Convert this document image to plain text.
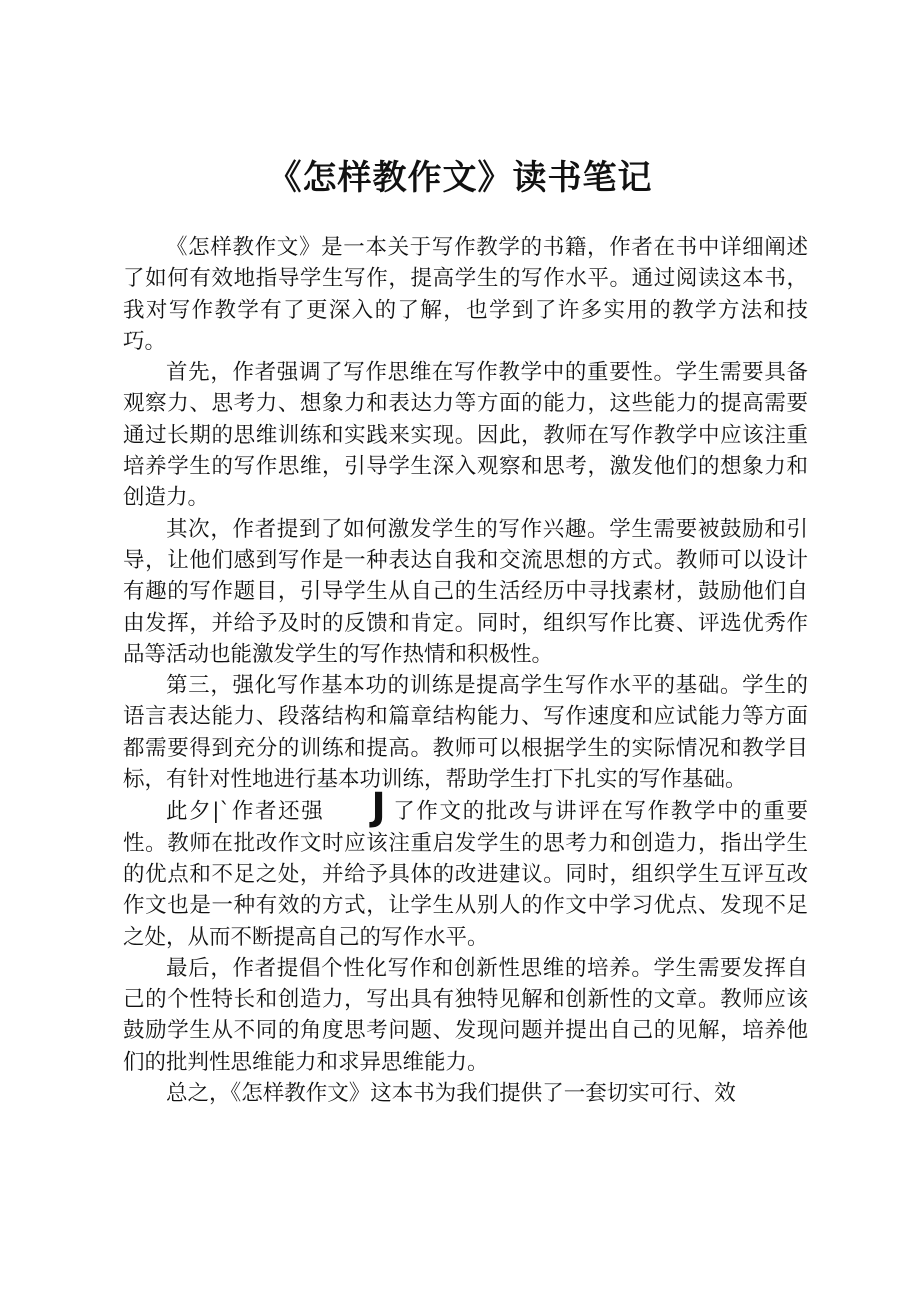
《怎样教作文》读书笔记

《怎样教作文》是一本关于写作教学的书籍，作者在书中详细阐述了如何有效地指导学生写作，提高学生的写作水平。通过阅读这本书，我对写作教学有了更深入的了解，也学到了许多实用的教学方法和技巧。

首先，作者强调了写作思维在写作教学中的重要性。学生需要具备观察力、思考力、想象力和表达力等方面的能力，这些能力的提高需要通过长期的思维训练和实践来实现。因此，教师在写作教学中应该注重培养学生的写作思维，引导学生深入观察和思考，激发他们的想象力和创造力。

其次，作者提到了如何激发学生的写作兴趣。学生需要被鼓励和引导，让他们感到写作是一种表达自我和交流思想的方式。教师可以设计有趣的写作题目，引导学生从自己的生活经历中寻找素材，鼓励他们自由发挥，并给予及时的反馈和肯定。同时，组织写作比赛、评选优秀作品等活动也能激发学生的写作热情和积极性。

第三，强化写作基本功的训练是提高学生写作水平的基础。学生的语言表达能力、段落结构和篇章结构能力、写作速度和应试能力等方面都需要得到充分的训练和提高。教师可以根据学生的实际情况和教学目标，有针对性地进行基本功训练，帮助学生打下扎实的写作基础。

此夕|`作者还强 J 了作文的批改与讲评在写作教学中的重要性。教师在批改作文时应该注重启发学生的思考力和创造力，指出学生的优点和不足之处，并给予具体的改进建议。同时，组织学生互评互改作文也是一种有效的方式，让学生从别人的作文中学习优点、发现不足之处，从而不断提高自己的写作水平。

最后，作者提倡个性化写作和创新性思维的培养。学生需要发挥自己的个性特长和创造力，写出具有独特见解和创新性的文章。教师应该鼓励学生从不同的角度思考问题、发现问题并提出自己的见解，培养他们的批判性思维能力和求异思维能力。

总之，《怎样教作文》这本书为我们提供了一套切实可行、效
